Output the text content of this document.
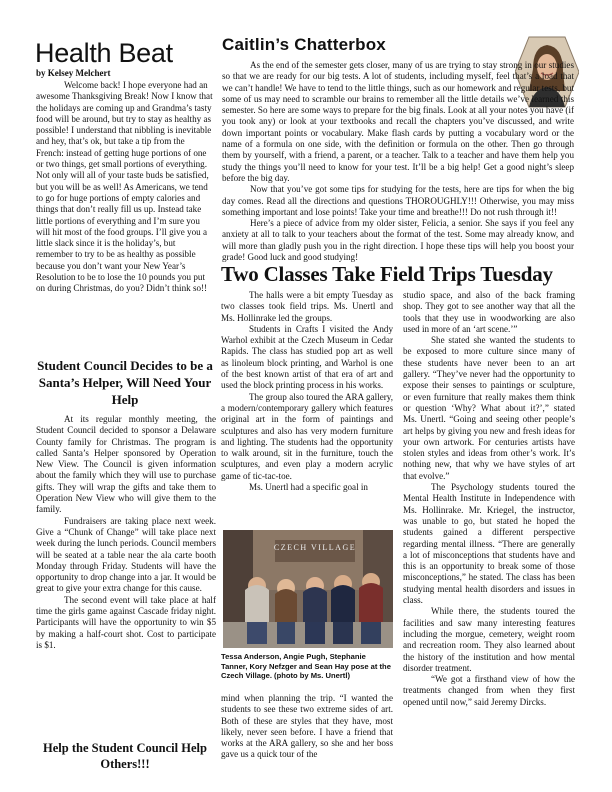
Health Beat
by Kelsey Melchert

Welcome back! I hope everyone had an awesome Thanksgiving Break! Now I know that the holidays are coming up and Grandma’s tasty food will be around, but try to stay as healthy as possible! I understand that nibbling is inevitable and hey, that’s ok, but take a tip from the French: instead of getting huge portions of one or two things, get small portions of everything. Not only will all of your taste buds be satisfied, but you will be as well! As Americans, we tend to go for huge portions of empty calories and things that don’t really fill us up. Instead take little portions of everything and I’m sure you will hit most of the food groups. I’ll give you a little slack since it is the holiday’s, but remember to try to be as healthy as possible because you don’t want your New Year’s Resolution to be to lose the 10 pounds you put on during Christmas, do you? Didn’t think so!!

Student Council Decides to be a Santa’s Helper, Will Need Your Help

At its regular monthly meeting, the Student Council decided to sponsor a Delaware County family for Christmas. The program is called Santa’s Helper sponsored by Operation New View. The Council is given information about the family which they will use to purchase gifts. They will wrap the gifts and take them to Operation New View who will give them to the family.

Fundraisers are taking place next week. Give a “Chunk of Change” will take place next week during the lunch periods. Council members will be seated at a table near the ala carte booth Monday through Friday. Students will have the opportunity to drop change into a jar. It would be great to give your extra change for this cause.

The second event will take place at half time the girls game against Cascade friday night. Participants will have the opportunity to win $5 by making a half-court shot. Cost to participate is $1.

Help the Student Council Help Others!!!
Caitlin’s Chatterbox

As the end of the semester gets closer, many of us are trying to stay strong in our studies so that we are ready for our big tests. A lot of students, including myself, feel that’s a load that we can’t handle! We have to tend to the little things, such as our homework and regular tests, but some of us may need to scramble our brains to remember all the little details we’ve learned this semester. So here are some ways to prepare for the big finals. Look at all your notes you have (if you took any) or look at your textbooks and recall the chapters you’ve discussed, and write down important points or vocabulary. Make flash cards by putting a vocabulary word or the name of a formula on one side, with the definition or formula on the other. Then go through them by yourself, with a friend, a parent, or a teacher. Talk to a teacher and have them help you study the things you’ll need to know for your test. It’ll be a big help! Get a good night’s sleep before the big day.

Now that you’ve got some tips for studying for the tests, here are tips for when the big day comes. Read all the directions and questions THOROUGHLY!!! Otherwise, you may miss something important and lose points! Take your time and breathe!!! Do not rush through it!!

Here’s a piece of advice from my older sister, Felicia, a senior. She says if you feel any anxiety at all to talk to your teachers about the format of the test. Some may already know, and will more than gladly push you in the right direction. I hope these tips will help you boost your grade! Good luck and good studying!

Two Classes Take Field Trips Tuesday

The halls were a bit empty Tuesday as two classes took field trips. Ms. Unertl and Ms. Hollinrake led the groups.

Students in Crafts I visited the Andy Warhol exhibit at the Czech Museum in Cedar Rapids. The class has studied pop art as well as linoleum block printing, and Warhol is one of the best known artist of that era of art and used the block printing process in his works.

The group also toured the ARA gallery, a modern/contemporary gallery which features original art in the form of paintings and sculptures and also has very modern furniture and lighting. The students had the opportunity to walk around, sit in the furniture, touch the sculptures, and even play a modern acrylic game of tic-tac-toe.

Ms. Unertl had a specific goal in

CZECH VILLAGE
Tessa Anderson, Angie Pugh, Stephanie Tanner, Kory Nefzger and Sean Hay pose at the Czech Village. (photo by Ms. Unertl)

mind when planning the trip. “I wanted the students to see these two extreme sides of art. Both of these are styles that they have, most likely, never seen before. I have a friend that works at the ARA gallery, so she and her boss gave us a quick tour of the

studio space, and also of the back framing shop. They got to see another way that all the tools that they use in woodworking are also used in more of an ‘art scene.’”

She stated she wanted the students to be exposed to more culture since many of these students have never been to an art gallery. “They’ve never had the opportunity to expose their senses to paintings or sculpture, or even furniture that really makes them think or question ‘Why? What about it?’,” stated Ms. Unertl. “Going and seeing other people’s art helps by giving you new and fresh ideas for your own artwork. For centuries artists have stolen styles and ideas from other’s work. It’s nothing new, that why we have styles of art that evolve.”

The Psychology students toured the Mental Health Institute in Independence with Ms. Hollinrake. Mr. Kriegel, the instructor, was unable to go, but stated he hoped the students gained a different perspective regarding mental illness. “There are generally a lot of misconceptions that students have and this is an opportunity to break some of those misconceptions,” he stated. The class has been studying mental health disorders and issues in class.

While there, the students toured the facilities and saw many interesting features including the morgue, cemetery, weight room and recreation room. They also learned about the history of the institution and how mental disorder treatment.

“We got a firsthand view of how the treatments changed from when they first opened until now,” said Jeremy Dircks.
